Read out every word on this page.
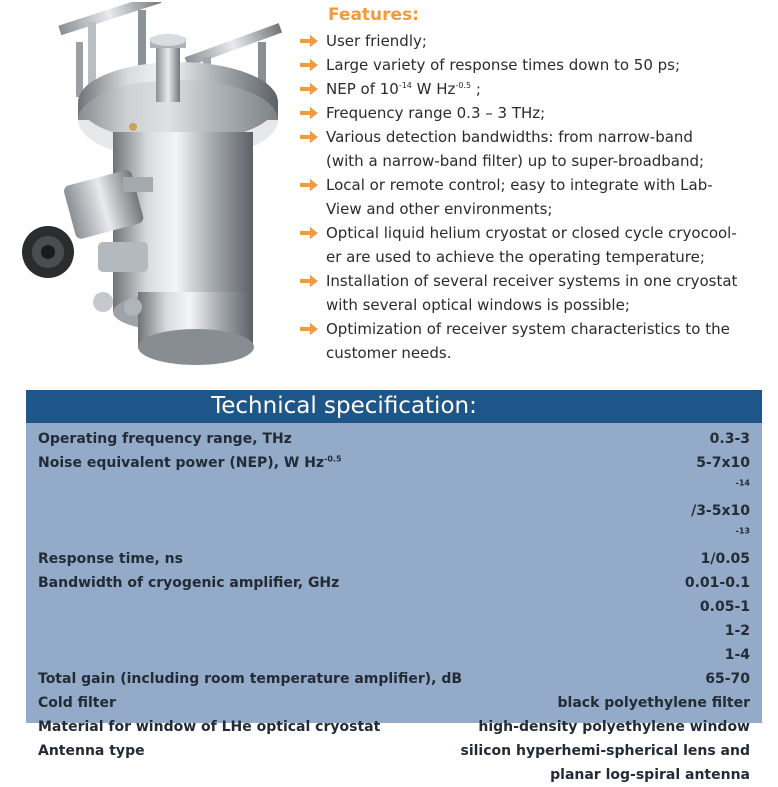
Features:
User friendly;
Large variety of response times down to 50 ps;
NEP of $10^{-14}$ W $Hz^{-0.5}$ ;
Frequency range 0.3 – 3 THz;
Various detection bandwidths: from narrow-band
(with a narrow-band filter) up to super-broadband;
Local or remote control; easy to integrate with Lab-
View and other environments;
Optical liquid helium cryostat or closed cycle cryocool-
er are used to achieve the operating temperature;
Installation of several receiver systems in one cryostat
with several optical windows is possible;
Optimization of receiver system characteristics to the
customer needs.
Technical specification:
Operating frequency range, THz	0.3-3
Noise equivalent power (NEP), W $Hz^{-0.5}$	5-7x10
$^{-14}$
/3-5x10
$^{-13}$
Response time, ns	1/0.05
Bandwidth of cryogenic amplifier, GHz	0.01-0.1
0.05-1
1-2
1-4
Total gain (including room temperature amplifier), dB	65-70
Cold filter	black polyethylene filter
Material for window of LHe optical cryostat	high-density polyethylene window
Antenna type	silicon hyperhemi-spherical lens and
planar log-spiral antenna
